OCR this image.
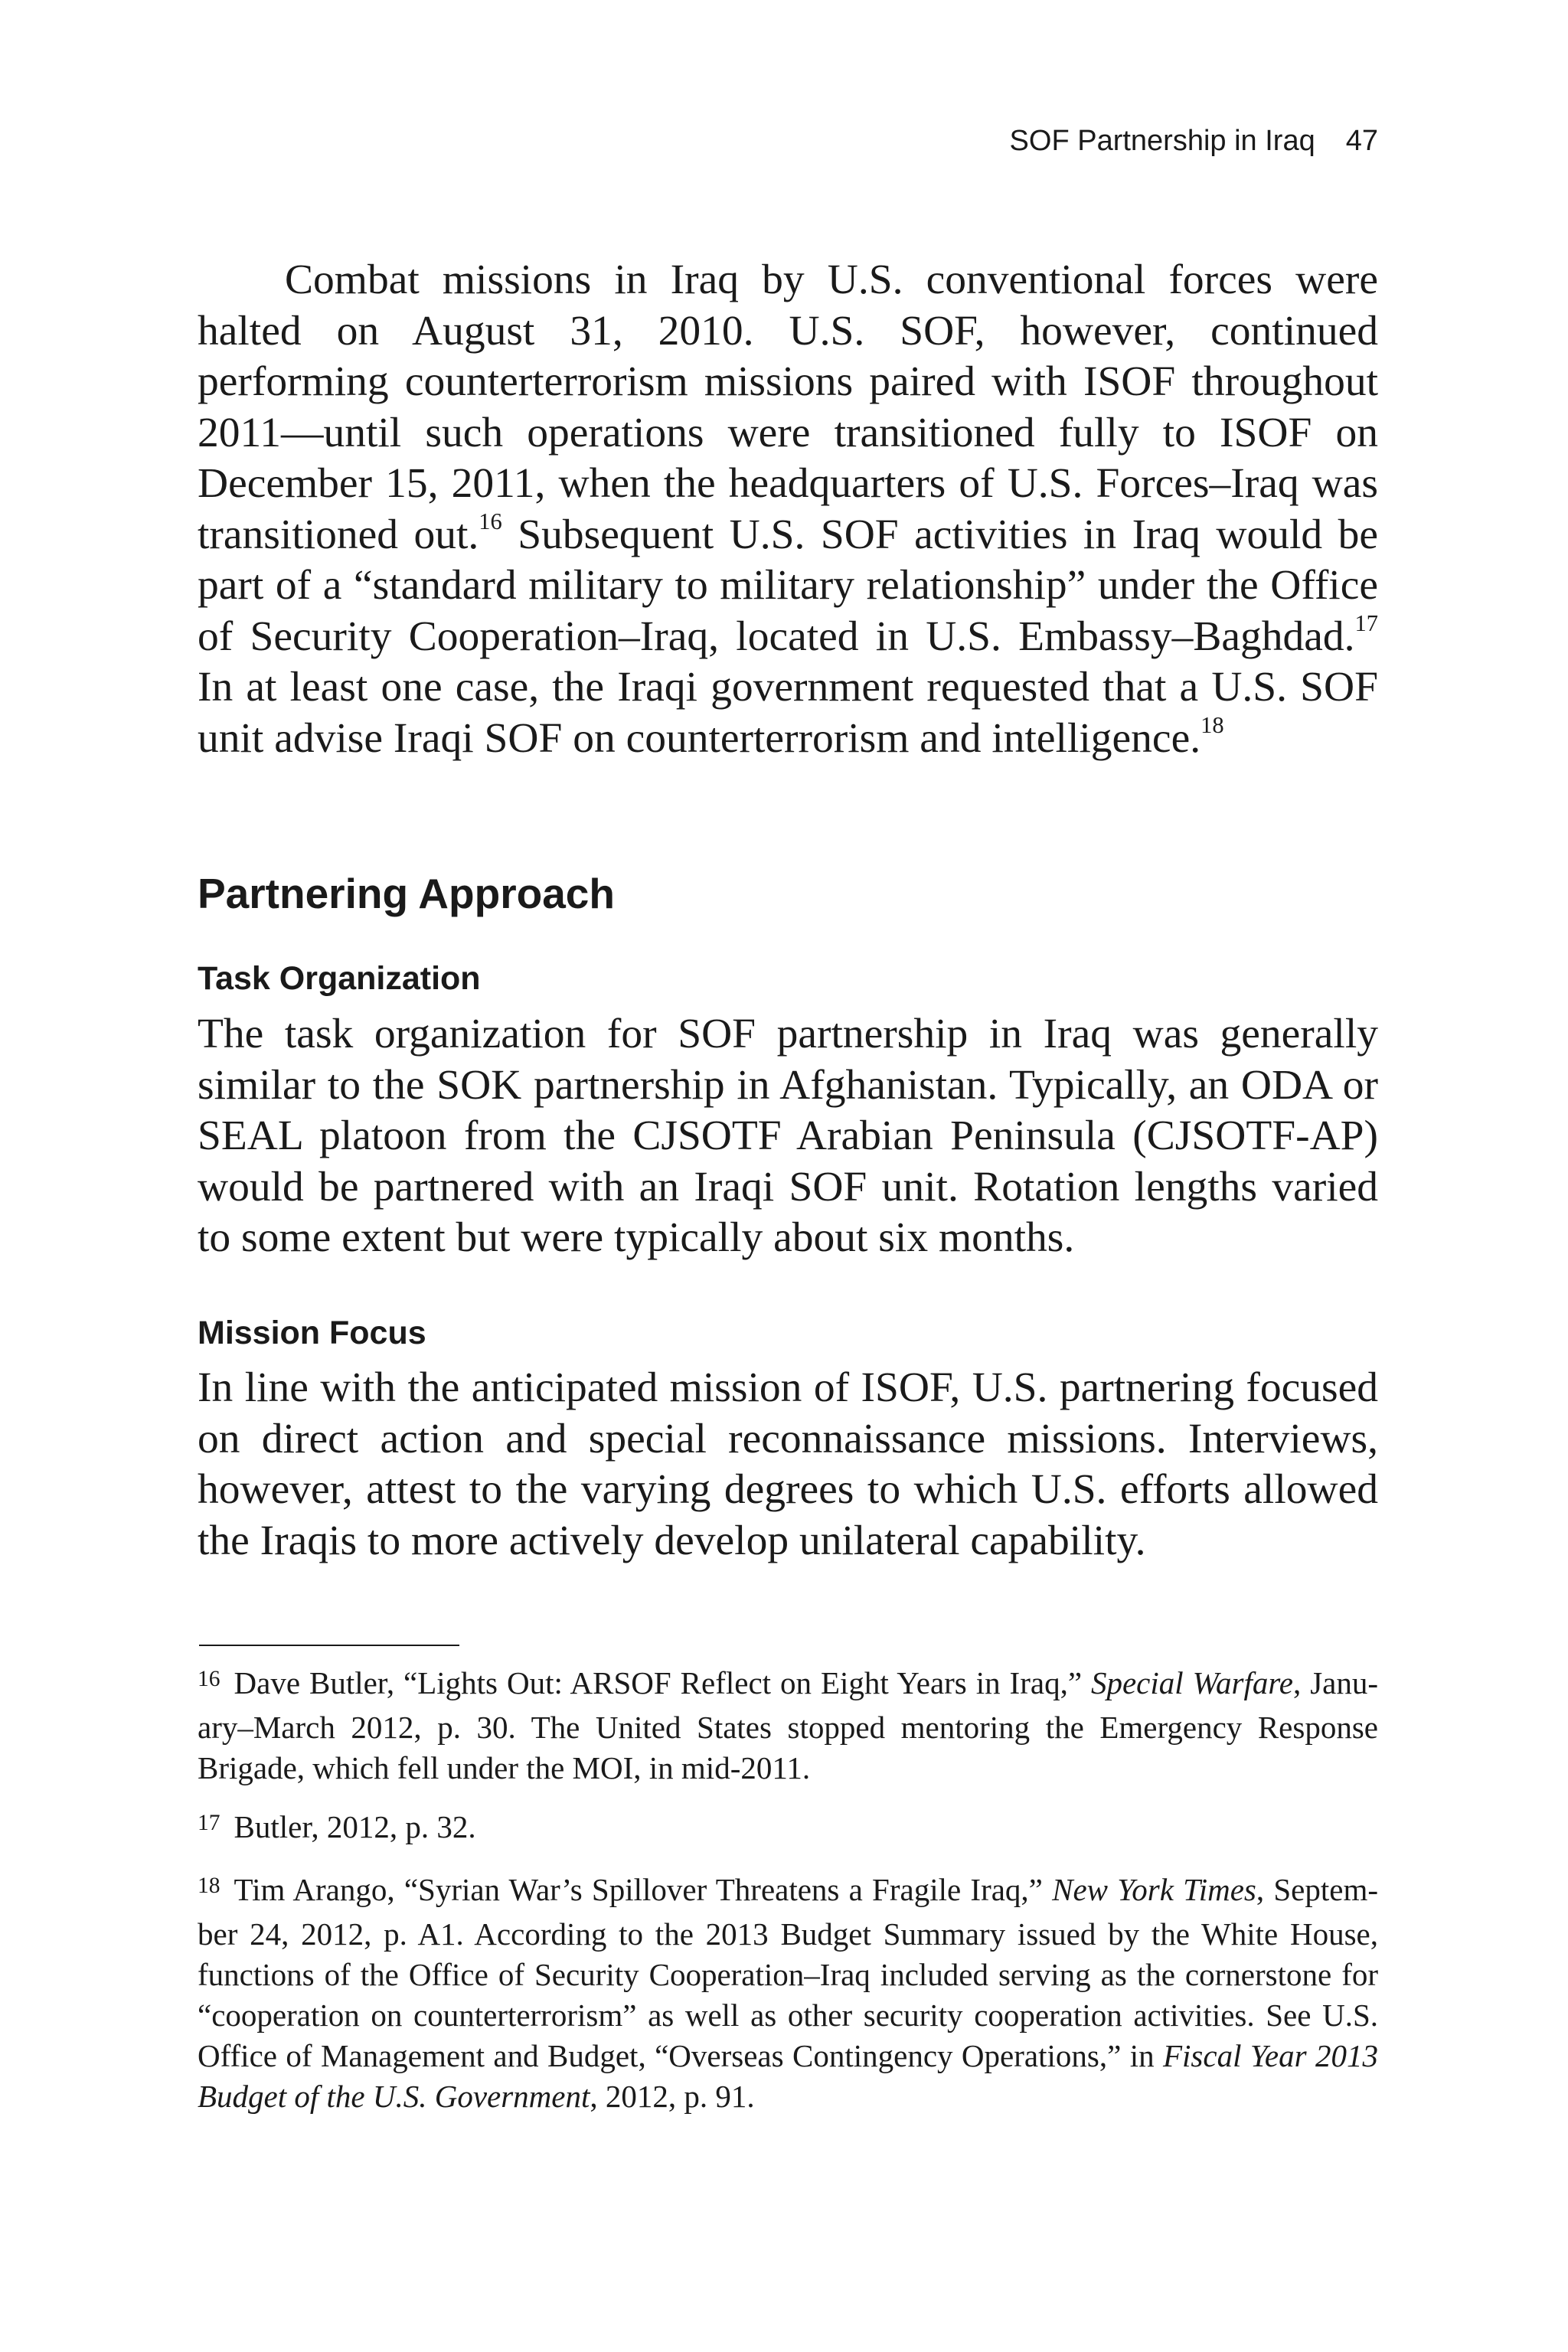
SOF Partnership in Iraq 47

Combat missions in Iraq by U.S. conventional forces were halted on August 31, 2010. U.S. SOF, however, continued performing counterterrorism missions paired with ISOF throughout 2011—until such operations were transitioned fully to ISOF on December 15, 2011, when the headquarters of U.S. Forces–Iraq was transitioned out.$^{16}$ Subsequent U.S. SOF activities in Iraq would be part of a “standard military to military relationship” under the Office of Security Cooperation–Iraq, located in U.S. Embassy–Baghdad.$^{17}$ In at least one case, the Iraqi government requested that a U.S. SOF unit advise Iraqi SOF on counterterrorism and intelligence.$^{18}$

Partnering Approach
Task Organization

The task organization for SOF partnership in Iraq was generally similar to the SOK partnership in Afghanistan. Typically, an ODA or SEAL platoon from the CJSOTF Arabian Peninsula (CJSOTF-AP) would be partnered with an Iraqi SOF unit. Rotation lengths varied to some extent but were typically about six months.

Mission Focus

In line with the anticipated mission of ISOF, U.S. partnering focused on direct action and special reconnaissance missions. Interviews, however, attest to the varying degrees to which U.S. efforts allowed the Iraqis to more actively develop unilateral capability.

$^{16}$ Dave Butler, “Lights Out: ARSOF Reflect on Eight Years in Iraq,” Special Warfare, January–March 2012, p. 30. The United States stopped mentoring the Emergency Response Brigade, which fell under the MOI, in mid-2011.

$^{17}$ Butler, 2012, p. 32.

$^{18}$ Tim Arango, “Syrian War’s Spillover Threatens a Fragile Iraq,” New York Times, September 24, 2012, p. A1. According to the 2013 Budget Summary issued by the White House, functions of the Office of Security Cooperation–Iraq included serving as the cornerstone for “cooperation on counterterrorism” as well as other security cooperation activities. See U.S. Office of Management and Budget, “Overseas Contingency Operations,” in Fiscal Year 2013 Budget of the U.S. Government, 2012, p. 91.
